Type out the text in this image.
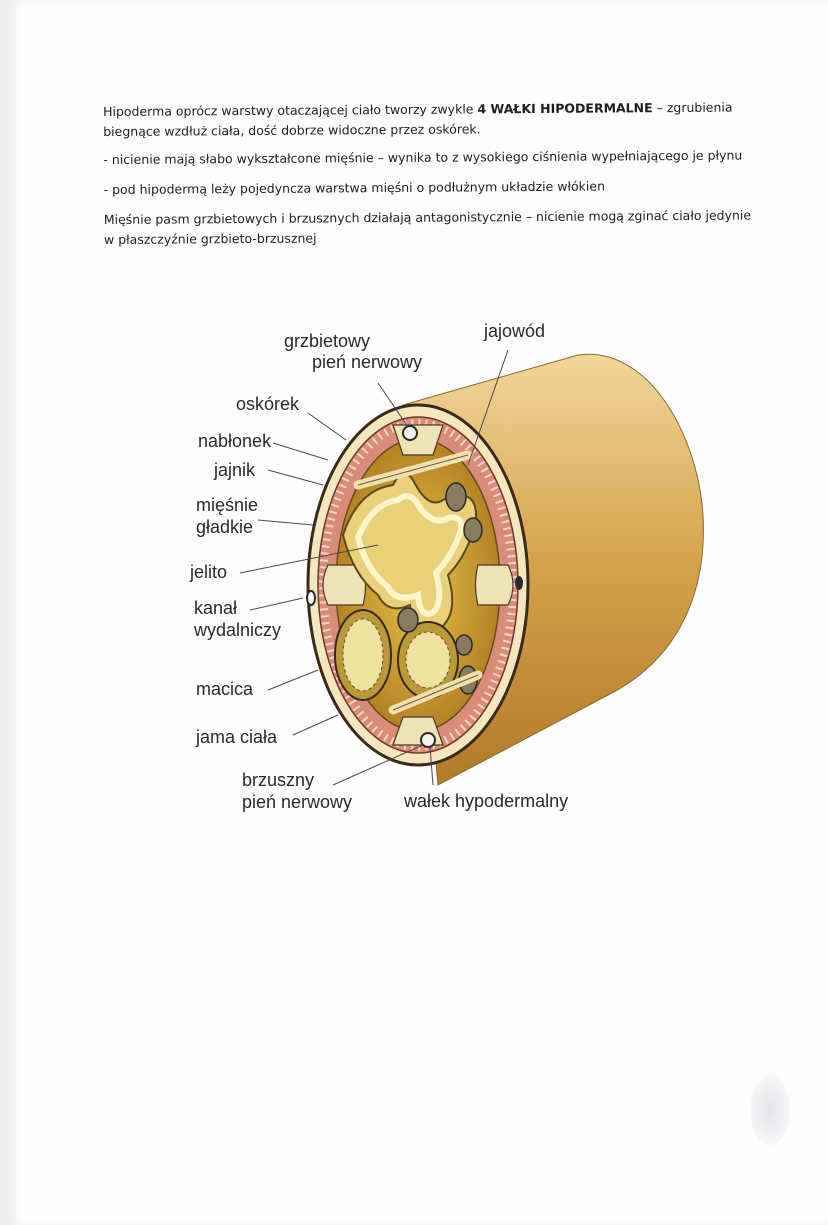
Hipoderma oprócz warstwy otaczającej ciało tworzy zwykle 4 WAŁKI HIPODERMALNE – zgrubienia biegnące wzdłuż ciała, dość dobrze widoczne przez oskórek.

- nicienie mają słabo wykształcone mięśnie – wynika to z wysokiego ciśnienia wypełniającego je płynu

- pod hipodermą leży pojedyncza warstwa mięśni o podłużnym układzie włókien

Mięśnie pasm grzbietowych i brzusznych działają antagonistycznie – nicienie mogą zginać ciało jedynie w płaszczyźnie grzbieto-brzusznej

grzbietowy
pień nerwowy
jajowód
oskórek
nabłonek
jajnik
mięśnie
gładkie
jelito
kanał
wydalniczy
macica
jama ciała
brzuszny
pień nerwowy	wałek hypodermalny
